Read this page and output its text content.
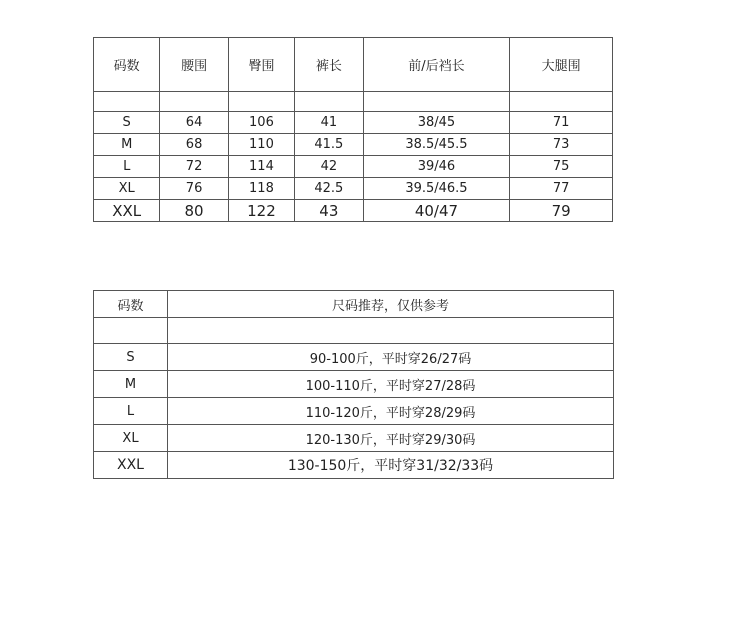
码数	腰围	臀围	裤长	前/后裆长	大腿围

S	64	106	41	38/45	71
M	68	110	41.5	38.5/45.5	73
L	72	114	42	39/46	75
XL	76	118	42.5	39.5/46.5	77
XXL	80	122	43	40/47	79
码数	尺码推荐，仅供参考

S	90-100斤，平时穿26/27码
M	100-110斤，平时穿27/28码
L	110-120斤，平时穿28/29码
XL	120-130斤，平时穿29/30码
XXL	130-150斤，平时穿31/32/33码
